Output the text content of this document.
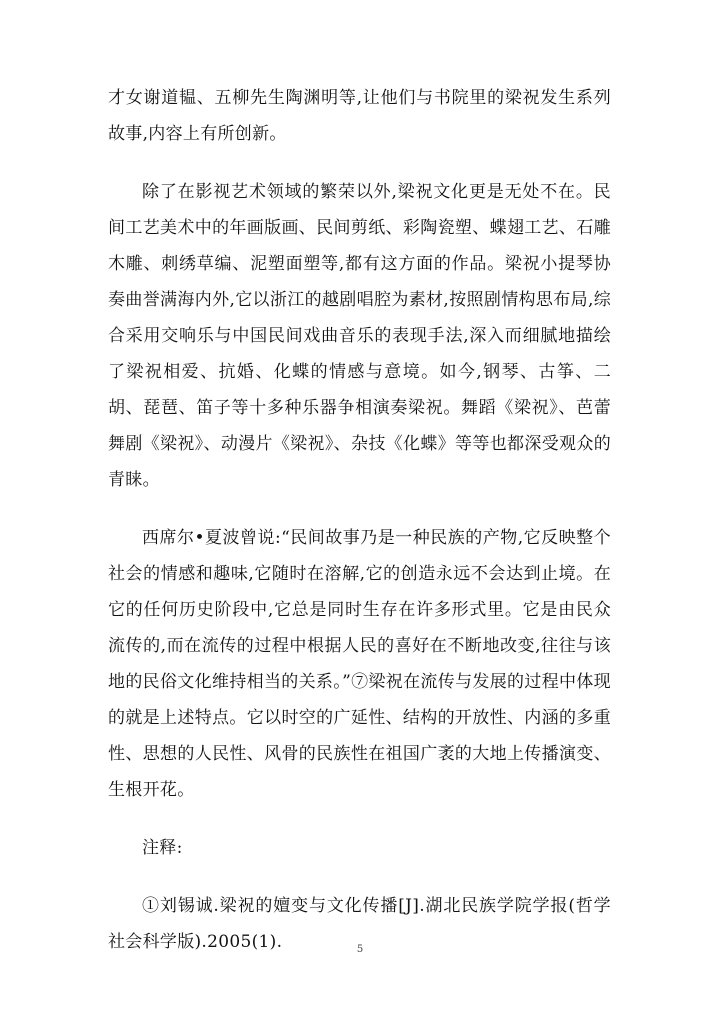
才女谢道韫、五柳先生陶渊明等,让他们与书院里的梁祝发生系列故事,内容上有所创新。

除了在影视艺术领域的繁荣以外,梁祝文化更是无处不在。民间工艺美术中的年画版画、民间剪纸、彩陶瓷塑、蝶翅工艺、石雕木雕、刺绣草编、泥塑面塑等,都有这方面的作品。梁祝小提琴协奏曲誉满海内外,它以浙江的越剧唱腔为素材,按照剧情构思布局,综合采用交响乐与中国民间戏曲音乐的表现手法,深入而细腻地描绘了梁祝相爱、抗婚、化蝶的情感与意境。如今,钢琴、古筝、二胡、琵琶、笛子等十多种乐器争相演奏梁祝。舞蹈《梁祝》、芭蕾舞剧《梁祝》、动漫片《梁祝》、杂技《化蝶》等等也都深受观众的青睐。

西席尔•夏波曾说:“民间故事乃是一种民族的产物,它反映整个社会的情感和趣味,它随时在溶解,它的创造永远不会达到止境。在它的任何历史阶段中,它总是同时生存在许多形式里。它是由民众流传的,而在流传的过程中根据人民的喜好在不断地改变,往往与该地的民俗文化维持相当的关系。”⑦梁祝在流传与发展的过程中体现的就是上述特点。它以时空的广延性、结构的开放性、内涵的多重性、思想的人民性、风骨的民族性在祖国广袤的大地上传播演变、生根开花。

注释:

①刘锡诚.梁祝的嬗变与文化传播[J].湖北民族学院学报(哲学社会科学版).2005(1).	5
